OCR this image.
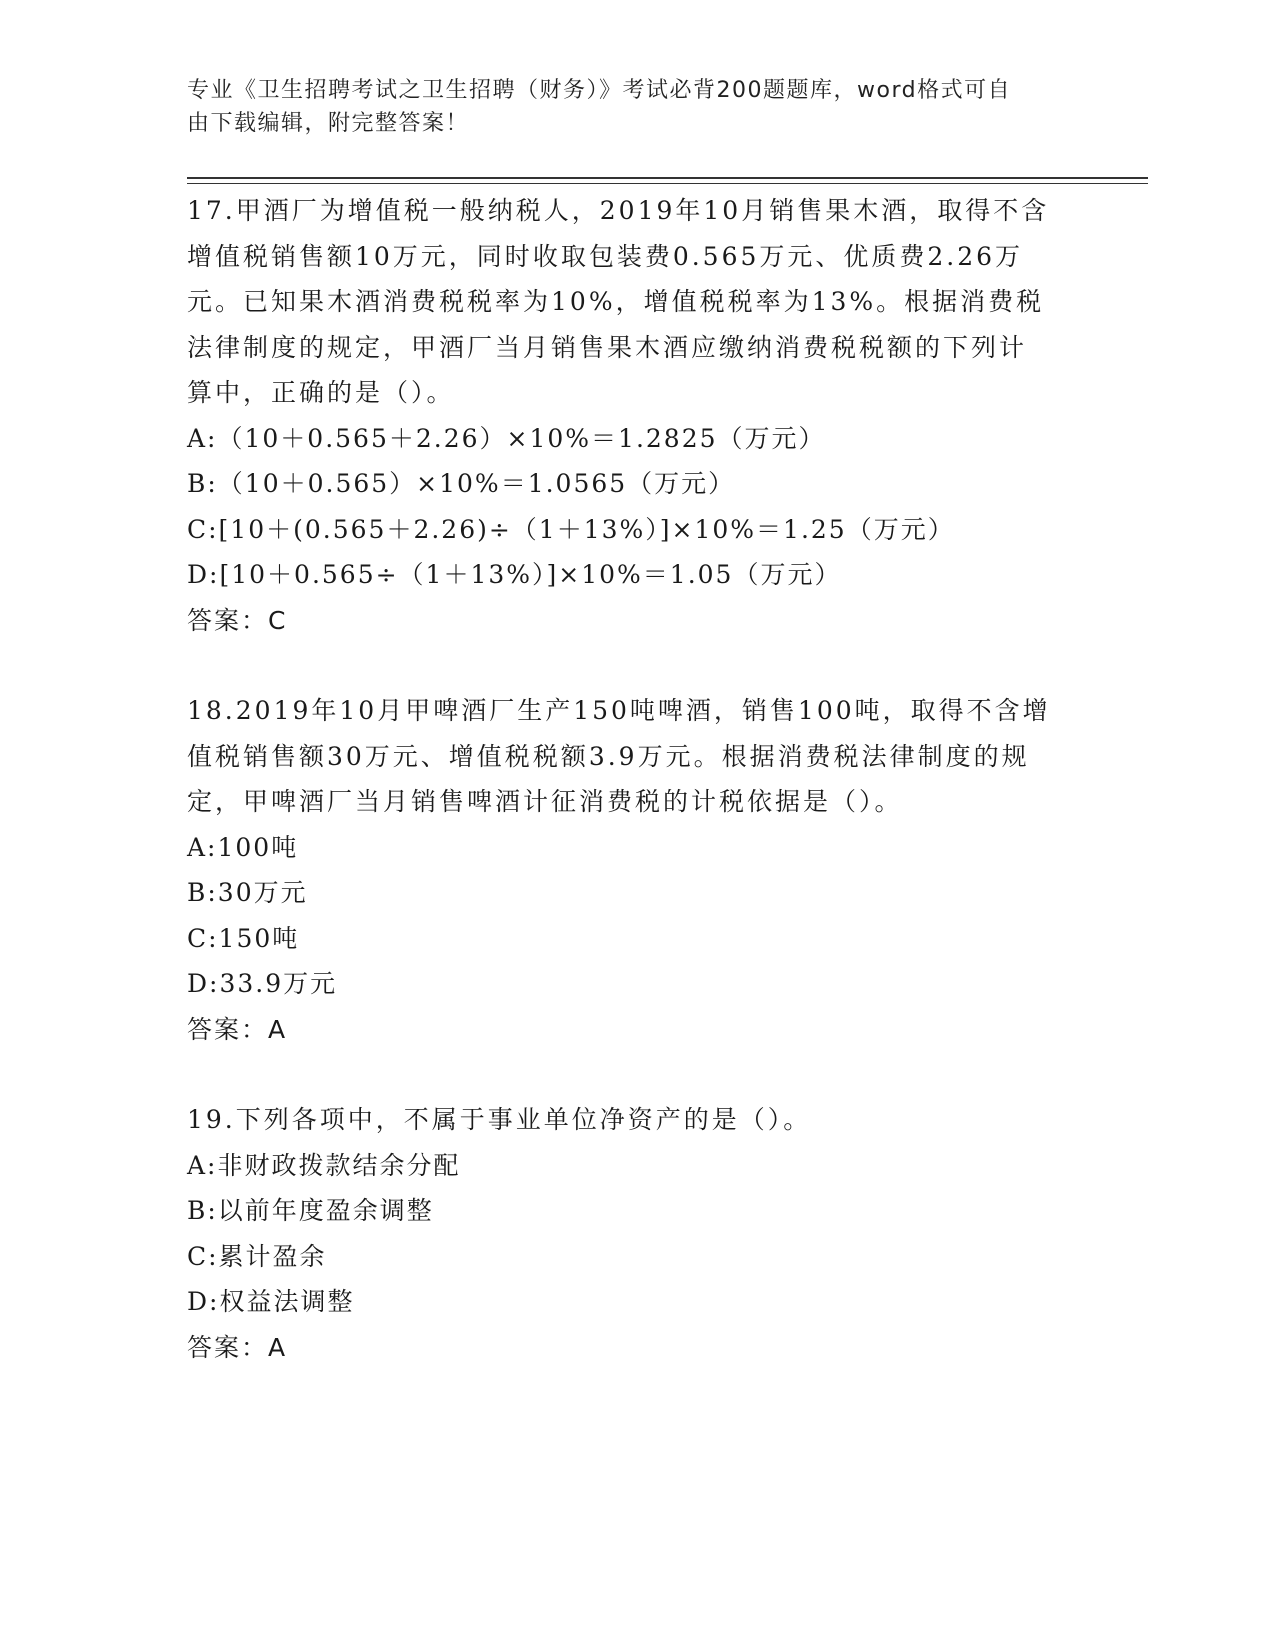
专业《卫生招聘考试之卫生招聘（财务）》考试必背200题题库，word格式可自
由下载编辑，附完整答案！
17.甲酒厂为增值税一般纳税人，2019年10月销售果木酒，取得不含
增值税销售额10万元，同时收取包装费0.565万元、优质费2.26万
元。已知果木酒消费税税率为10%，增值税税率为13%。根据消费税
法律制度的规定，甲酒厂当月销售果木酒应缴纳消费税税额的下列计
算中，正确的是（）。
A:（10＋0.565＋2.26）×10%＝1.2825（万元）
B:（10＋0.565）×10%＝1.0565（万元）
C:[10＋(0.565＋2.26)÷（1＋13%）]×10%＝1.25（万元）
D:[10＋0.565÷（1＋13%）]×10%＝1.05（万元）
答案：C
18.2019年10月甲啤酒厂生产150吨啤酒，销售100吨，取得不含增
值税销售额30万元、增值税税额3.9万元。根据消费税法律制度的规
定，甲啤酒厂当月销售啤酒计征消费税的计税依据是（）。
A:100吨
B:30万元
C:150吨
D:33.9万元
答案：A
19.下列各项中，不属于事业单位净资产的是（）。
A:非财政拨款结余分配
B:以前年度盈余调整
C:累计盈余
D:权益法调整
答案：A
